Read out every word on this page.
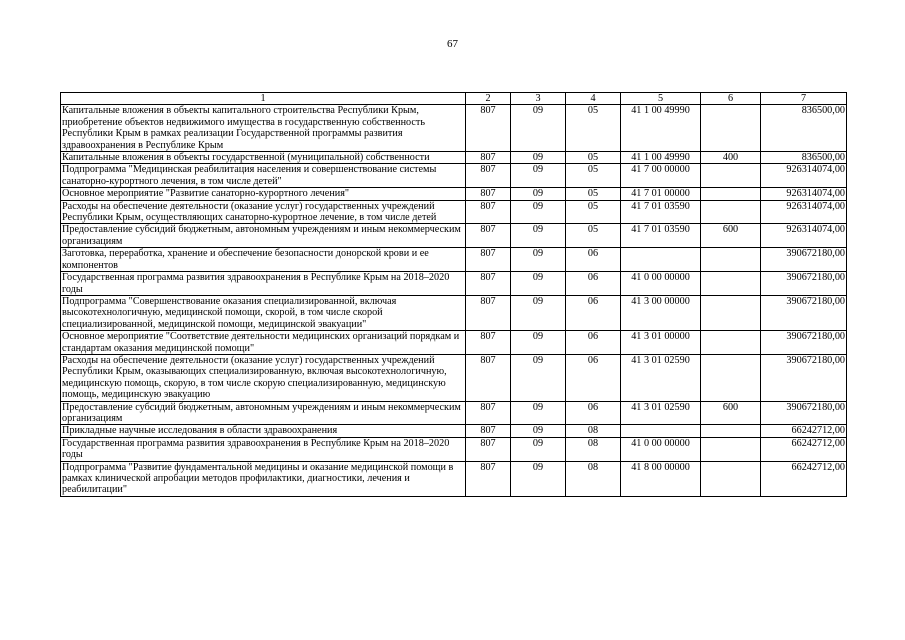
67
1	2	3	4	5	6	7
Капитальные вложения в объекты капитального строительства Республики Крым, приобретение объектов недвижимого имущества в государственную собственность Республики Крым в рамках реализации Государственной программы развития здравоохранения в Республике Крым	807	09	05	41 1 00 49990		836500,00
Капитальные вложения в объекты государственной (муниципальной) собственности	807	09	05	41 1 00 49990	400	836500,00
Подпрограмма "Медицинская реабилитация населения и совершенствование системы санаторно-курортного лечения, в том числе детей"	807	09	05	41 7 00 00000		926314074,00
Основное мероприятие "Развитие санаторно-курортного лечения"	807	09	05	41 7 01 00000		926314074,00
Расходы на обеспечение деятельности (оказание услуг) государственных учреждений Республики Крым, осуществляющих санаторно-курортное лечение, в том числе детей	807	09	05	41 7 01 03590		926314074,00
Предоставление субсидий бюджетным, автономным учреждениям и иным некоммерческим организациям	807	09	05	41 7 01 03590	600	926314074,00
Заготовка, переработка, хранение и обеспечение безопасности донорской крови и ее компонентов	807	09	06			390672180,00
Государственная программа развития здравоохранения в Республике Крым на 2018–2020 годы	807	09	06	41 0 00 00000		390672180,00
Подпрограмма "Совершенствование оказания специализированной, включая высокотехнологичную, медицинской помощи, скорой, в том числе скорой специализированной, медицинской помощи, медицинской эвакуации"	807	09	06	41 3 00 00000		390672180,00
Основное мероприятие "Соответствие деятельности медицинских организаций порядкам и стандартам оказания медицинской помощи"	807	09	06	41 3 01 00000		390672180,00
Расходы на обеспечение деятельности (оказание услуг) государственных учреждений Республики Крым, оказывающих специализированную, включая высокотехнологичную, медицинскую помощь, скорую, в том числе скорую специализированную, медицинскую помощь, медицинскую эвакуацию	807	09	06	41 3 01 02590		390672180,00
Предоставление субсидий бюджетным, автономным учреждениям и иным некоммерческим организациям	807	09	06	41 3 01 02590	600	390672180,00
Прикладные научные исследования в области здравоохранения	807	09	08			66242712,00
Государственная программа развития здравоохранения в Республике Крым на 2018–2020 годы	807	09	08	41 0 00 00000		66242712,00
Подпрограмма "Развитие фундаментальной медицины и оказание медицинской помощи в рамках клинической апробации методов профилактики, диагностики, лечения и реабилитации"	807	09	08	41 8 00 00000		66242712,00
